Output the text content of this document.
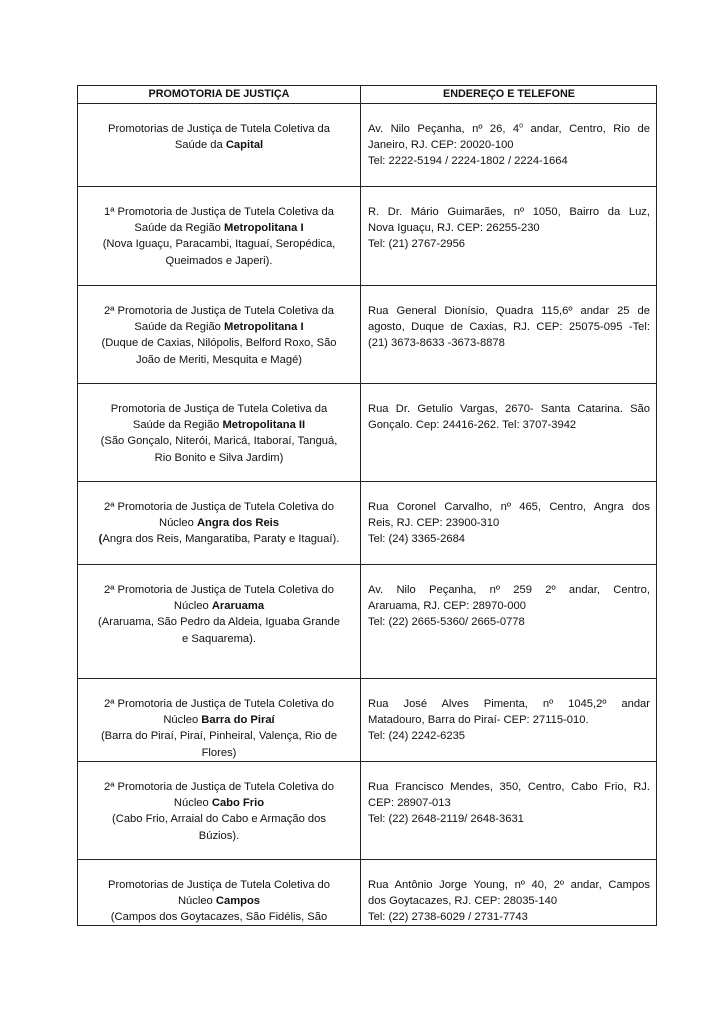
PROMOTORIA DE JUSTIÇA	ENDEREÇO E TELEFONE
Promotorias de Justiça de Tutela Coletiva da
Saúde da Capital
Av. Nilo Peçanha, nº 26, 4$^o$ andar, Centro, Rio de
Janeiro, RJ. CEP: 20020-100
Tel: 2222-5194 / 2224-1802 / 2224-1664
1ª Promotoria de Justiça de Tutela Coletiva da
Saúde da Região Metropolitana I
(Nova Iguaçu, Paracambi, Itaguaí, Seropédica,
Queimados e Japeri).
R. Dr. Mário Guimarães, nº 1050, Bairro da Luz,
Nova Iguaçu, RJ. CEP: 26255-230
Tel: (21) 2767-2956
2ª Promotoria de Justiça de Tutela Coletiva da
Saúde da Região Metropolitana I
(Duque de Caxias, Nilópolis, Belford Roxo, São
João de Meriti, Mesquita e Magé)
Rua General Dionísio, Quadra 115,6º andar 25 de
agosto, Duque de Caxias, RJ. CEP: 25075-095 -Tel:
(21) 3673-8633 -3673-8878
Promotoria de Justiça de Tutela Coletiva da
Saúde da Região Metropolitana II
(São Gonçalo, Niterói, Maricá, Itaboraí, Tanguá,
Rio Bonito e Silva Jardim)
Rua Dr. Getulio Vargas, 2670- Santa Catarina. São
Gonçalo. Cep: 24416-262. Tel: 3707-3942
2ª Promotoria de Justiça de Tutela Coletiva do
Núcleo Angra dos Reis
(Angra dos Reis, Mangaratiba, Paraty e Itaguaí).
Rua Coronel Carvalho, nº 465, Centro, Angra dos
Reis, RJ. CEP: 23900-310
Tel: (24) 3365-2684
2ª Promotoria de Justiça de Tutela Coletiva do
Núcleo Araruama
(Araruama, São Pedro da Aldeia, Iguaba Grande
e Saquarema).
Av. Nilo Peçanha, nº 259 2º andar, Centro,
Araruama, RJ. CEP: 28970-000
Tel: (22) 2665-5360/ 2665-0778
2ª Promotoria de Justiça de Tutela Coletiva do
Núcleo Barra do Piraí
(Barra do Piraí, Piraí, Pinheiral, Valença, Rio de
Flores)
Rua José Alves Pimenta, nº 1045,2º andar
Matadouro, Barra do Piraí- CEP: 27115-010.
Tel: (24) 2242-6235
2ª Promotoria de Justiça de Tutela Coletiva do
Núcleo Cabo Frio
(Cabo Frio, Arraial do Cabo e Armação dos
Búzios).
Rua Francisco Mendes, 350, Centro, Cabo Frio, RJ.
CEP: 28907-013
Tel: (22) 2648-2119/ 2648-3631
Promotorias de Justiça de Tutela Coletiva do
Núcleo Campos
(Campos dos Goytacazes, São Fidélis, São
Rua Antônio Jorge Young, nº 40, 2º andar, Campos
dos Goytacazes, RJ. CEP: 28035-140
Tel: (22) 2738-6029 / 2731-7743
